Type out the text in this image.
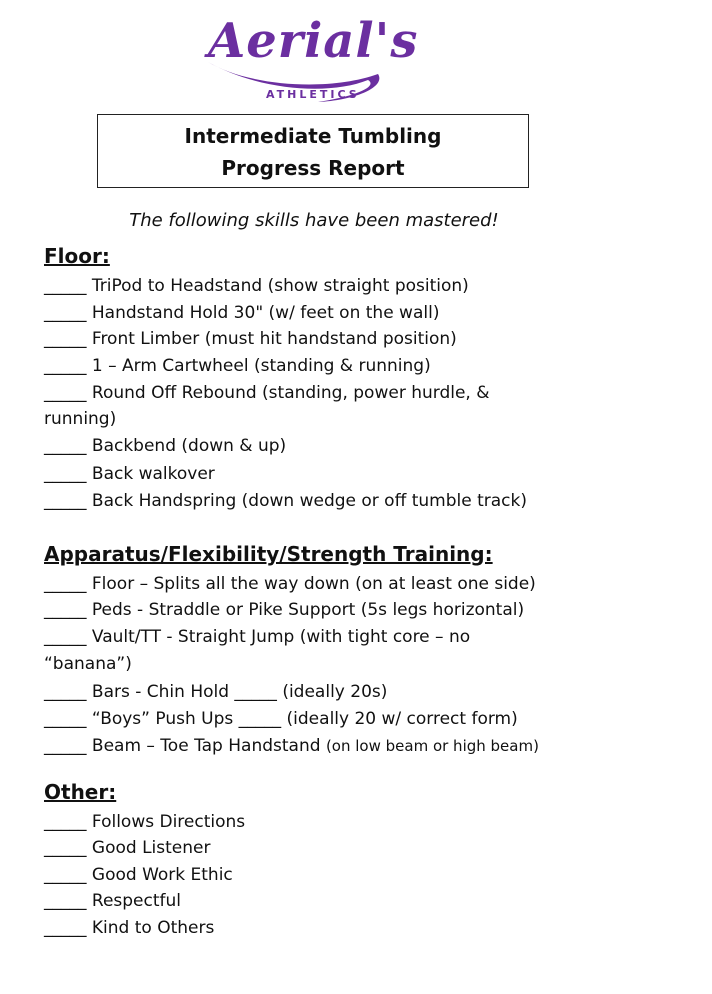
Aerial's
ATHLETICS
Intermediate Tumbling
Progress Report
The following skills have been mastered!
Floor:
_____ TriPod to Headstand (show straight position)
_____ Handstand Hold 30" (w/ feet on the wall)
_____ Front Limber (must hit handstand position)
_____ 1 – Arm Cartwheel (standing & running)
_____ Round Off Rebound (standing, power hurdle, &
running)
_____ Backbend (down & up)
_____ Back walkover
_____ Back Handspring (down wedge or off tumble track)
Apparatus/Flexibility/Strength Training:
_____ Floor – Splits all the way down (on at least one side)
_____ Peds - Straddle or Pike Support (5s legs horizontal)
_____ Vault/TT - Straight Jump (with tight core – no
“banana”)
_____ Bars - Chin Hold _____ (ideally 20s)
_____ “Boys” Push Ups _____ (ideally 20 w/ correct form)
_____ Beam – Toe Tap Handstand (on low beam or high beam)
Other:
_____ Follows Directions
_____ Good Listener
_____ Good Work Ethic
_____ Respectful
_____ Kind to Others
